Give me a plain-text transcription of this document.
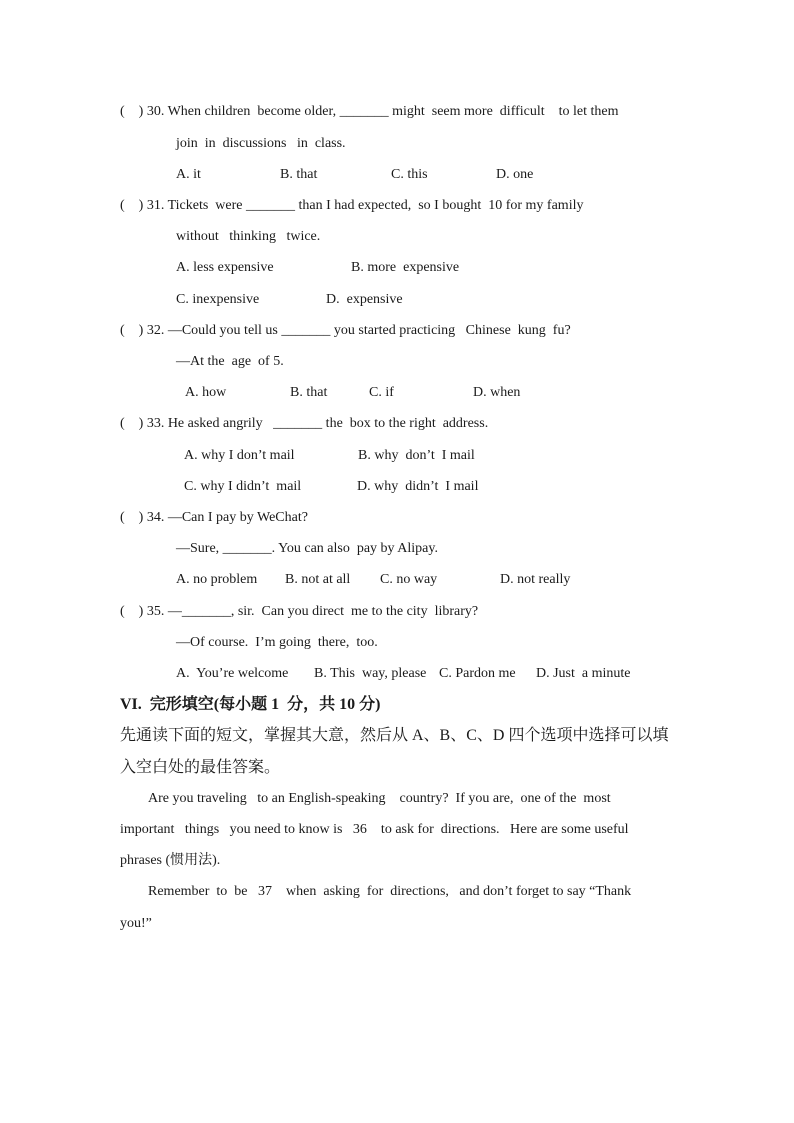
(    ) 30. When children  become older, _______ might  seem more  difficult    to let them
join  in  discussions   in  class.
A. it	B. that	C. this	D. one
(    ) 31. Tickets  were _______ than I had expected,  so I bought  10 for my family
without   thinking   twice.
A. less expensive	B. more  expensive
C. inexpensive	D.  expensive
(    ) 32. —Could you tell us _______ you started practicing   Chinese  kung  fu?
—At the  age  of 5.
A. how	B. that	C. if	D. when
(    ) 33. He asked angrily   _______ the  box to the right  address.
A. why I don’t mail	B. why  don’t  I mail
C. why I didn’t  mail	D. why  didn’t  I mail
(    ) 34. —Can I pay by WeChat?
—Sure, _______. You can also  pay by Alipay.
A. no problem B. not at all C. no way	D. not really
(    ) 35. —_______, sir.  Can you direct  me to the city  library?
—Of course.  I’m going  there,  too.
A.  You’re welcome B. This  way, please C. Pardon me D. Just  a minute
VI.  完形填空(每小题 1  分，共 10 分)
先通读下面的短文，掌握其大意，然后从 A、B、C、D 四个选项中选择可以填
入空白处的最佳答案。
Are you traveling   to an English-speaking    country?  If you are,  one of the  most
important   things   you need to know is   36    to ask for  directions.   Here are some useful
phrases (惯用法).
Remember  to  be   37    when  asking  for  directions,   and don’t forget to say “Thank
you!”
